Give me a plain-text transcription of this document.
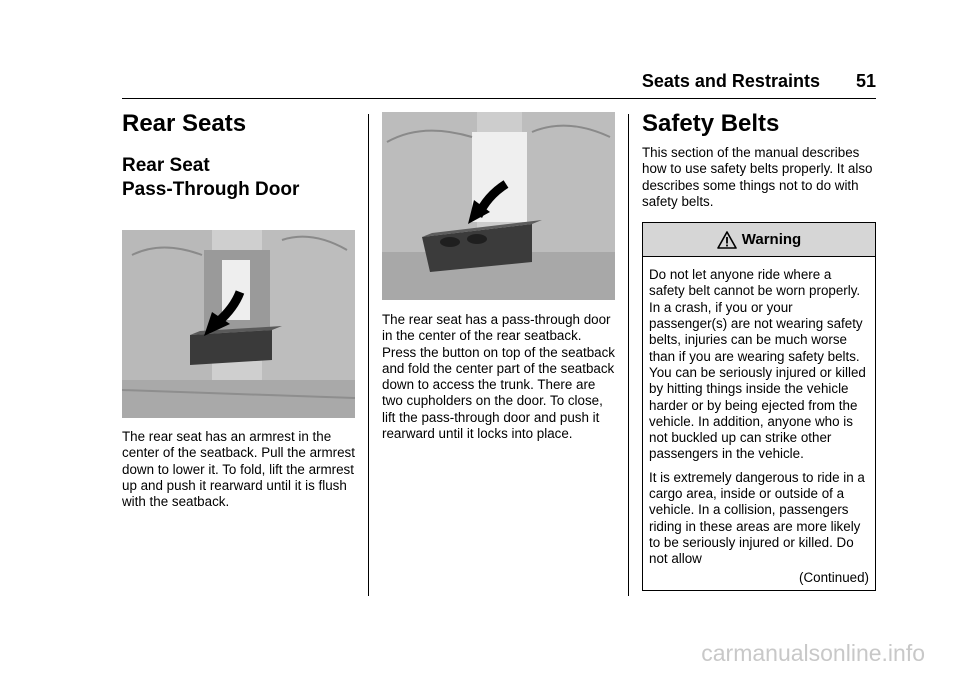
Seats and Restraints 51
Rear Seats
Rear Seat
Pass-Through Door

The rear seat has an armrest in the center of the seatback. Pull the armrest down to lower it. To fold, lift the armrest up and push it rearward until it is flush with the seatback.

The rear seat has a pass-through door in the center of the rear seatback. Press the button on top of the seatback and fold the center part of the seatback down to access the trunk. There are two cupholders on the door. To close, lift the pass-through door and push it rearward until it locks into place.

Safety Belts

This section of the manual describes how to use safety belts properly. It also describes some things not to do with safety belts.

Warning

Do not let anyone ride where a safety belt cannot be worn properly. In a crash, if you or your passenger(s) are not wearing safety belts, injuries can be much worse than if you are wearing safety belts. You can be seriously injured or killed by hitting things inside the vehicle harder or by being ejected from the vehicle. In addition, anyone who is not buckled up can strike other passengers in the vehicle.

It is extremely dangerous to ride in a cargo area, inside or outside of a vehicle. In a collision, passengers riding in these areas are more likely to be seriously injured or killed. Do not allow

(Continued)
carmanualsonline.info
